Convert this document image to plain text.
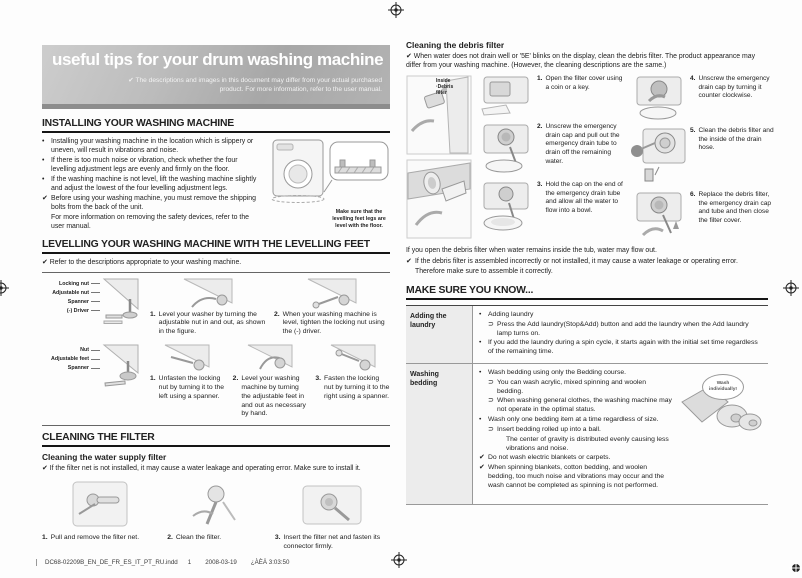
useful tips for your drum washing machine
✔ The descriptions and images in this document may differ from your actual purchased product. For more information, refer to the user manual.
INSTALLING YOUR WASHING MACHINE
• Installing your washing machine in the location which is slippery or uneven, will result in vibrations and noise.
• If there is too much noise or vibration, check whether the four levelling adjustment legs are evenly and firmly on the floor.
• If the washing machine is not level, lift the washing machine slightly and adjust the lowest of the four levelling adjustment legs.
✔ Before using your washing machine, you must remove the shipping bolts from the back of the unit.
For more information on removing the safety devices, refer to the user manual.
Make sure that the levelling feet legs are level with the floor.
LEVELLING YOUR WASHING MACHINE WITH THE LEVELLING FEET
✔ Refer to the descriptions appropriate to your washing machine.
Locking nut
Adjustable nut
Spanner
(-) Driver	1. Level your washer by turning the adjustable nut in and out, as shown in the figure.
2. When your washing machine is level, tighten the locking nut using the (-) driver.
Nut
Adjustable feet
Spanner
1. Unfasten the locking nut by turning it to the left using a spanner.
2. Level your washing machine by turning the adjustable feet in and out as necessary by hand.
3. Fasten the locking nut by turning it to the right using a spanner.
CLEANING THE FILTER
Cleaning the water supply filter
✔ If the filter net is not installed, it may cause a water leakage and operating error. Make sure to install it.
1. Pull and remove the filter net.	2. Clean the filter.	3. Insert the filter net and fasten its connector firmly.
Cleaning the debris filter
✔ When water does not drain well or '5E' blinks on the display, clean the debris filter. The product appearance may differ from your washing machine. (However, the cleaning descriptions are the same.)
1. Open the filter cover using a coin or a key.
2. Unscrew the emergency drain cap and pull out the emergency drain tube to drain off the remaining water.
3. Hold the cap on the end of the emergency drain tube and allow all the water to flow into a bowl.
4. Unscrew the emergency drain cap by turning it counter clockwise.
Inside
·Debris
filter
5. Clean the debris filter and the inside of the drain hose.
6. Replace the debris filter, the emergency drain cap and tube and then close the filter cover.
If you open the debris filter when water remains inside the tub, water may flow out.
✔ If the debris filter is assembled incorrectly or not installed, it may cause a water leakage or operating error.
Therefore make sure to assemble it correctly.
MAKE SURE YOU KNOW...
Adding the laundry
• Adding laundry
⊃ Press the Add laundry(Stop&Add) button and add the laundry when the Add laundry lamp turns on.
• If you add the laundry during a spin cycle, it starts again with the initial set time regardless of the remaining time.
Washing bedding
• Wash bedding using only the Bedding course.
⊃ You can wash acrylic, mixed spinning and woolen bedding.
⊃ When washing general clothes, the washing machine may not operate in the optimal status.
• Wash only one bedding item at a time regardless of size.
⊃ Insert bedding rolled up into a ball.
The center of gravity is distributed evenly causing less vibrations and noise.
✔ Do not wash electric blankets or carpets.
✔ When spinning blankets, cotton bedding, and woolen bedding, too much noise and vibrations may occur and the wash cannot be completed as spinning is not performed.
Wash individually!
DC68-02209B_EN_DE_FR_ES_IT_PT_RU.indd 1 2008-03-19 ¿ÀÈÄ 3:03:50
